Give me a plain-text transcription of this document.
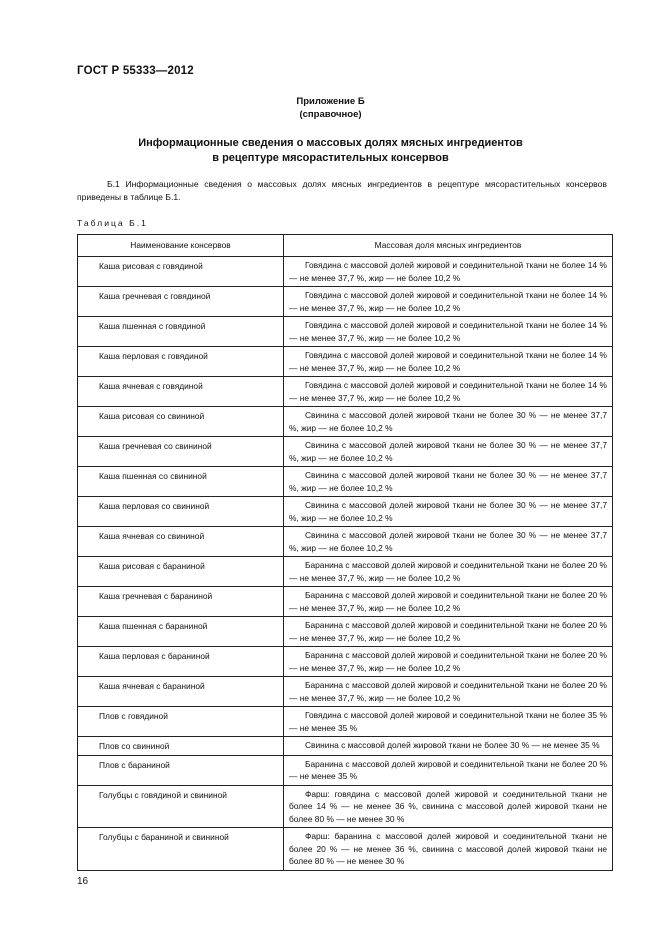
ГОСТ Р 55333—2012
Приложение Б
(справочное)
Информационные сведения о массовых долях мясных ингредиентов
в рецептуре мясорастительных консервов
Б.1 Информационные сведения о массовых долях мясных ингредиентов в рецептуре мясорастительных консервов приведены в таблице Б.1.
Таблица Б.1
Наименование консервов	Массовая доля мясных ингредиентов
Каша рисовая с говядиной	Говядина с массовой долей жировой и соединительной ткани не более 14 % — не менее 37,7 %, жир — не более 10,2 %
Каша гречневая с говядиной	Говядина с массовой долей жировой и соединительной ткани не более 14 % — не менее 37,7 %, жир — не более 10,2 %
Каша пшенная с говядиной	Говядина с массовой долей жировой и соединительной ткани не более 14 % — не менее 37,7 %, жир — не более 10,2 %
Каша перловая с говядиной	Говядина с массовой долей жировой и соединительной ткани не более 14 % — не менее 37,7 %, жир — не более 10,2 %
Каша ячневая с говядиной	Говядина с массовой долей жировой и соединительной ткани не более 14 % — не менее 37,7 %, жир — не более 10,2 %
Каша рисовая со свининой	Свинина с массовой долей жировой ткани не более 30 % — не менее 37,7 %, жир — не более 10,2 %
Каша гречневая со свининой	Свинина с массовой долей жировой ткани не более 30 % — не менее 37,7 %, жир — не более 10,2 %
Каша пшенная со свининой	Свинина с массовой долей жировой ткани не более 30 % — не менее 37,7 %, жир — не более 10,2 %
Каша перловая со свининой	Свинина с массовой долей жировой ткани не более 30 % — не менее 37,7 %, жир — не более 10,2 %
Каша ячневая со свининой	Свинина с массовой долей жировой ткани не более 30 % — не менее 37,7 %, жир — не более 10,2 %
Каша рисовая с бараниной	Баранина с массовой долей жировой и соединительной ткани не более 20 % — не менее 37,7 %, жир — не более 10,2 %
Каша гречневая с бараниной	Баранина с массовой долей жировой и соединительной ткани не более 20 % — не менее 37,7 %, жир — не более 10,2 %
Каша пшенная с бараниной	Баранина с массовой долей жировой и соединительной ткани не более 20 % — не менее 37,7 %, жир — не более 10,2 %
Каша перловая с бараниной	Баранина с массовой долей жировой и соединительной ткани не более 20 % — не менее 37,7 %, жир — не более 10,2 %
Каша ячневая с бараниной	Баранина с массовой долей жировой и соединительной ткани не более 20 % — не менее 37,7 %, жир — не более 10,2 %
Плов с говядиной	Говядина с массовой долей жировой и соединительной ткани не более 35 % — не менее 35 %
Плов со свининой	Свинина с массовой долей жировой ткани не более 30 % — не менее 35 %
Плов с бараниной	Баранина с массовой долей жировой и соединительной ткани не более 20 % — не менее 35 %
Голубцы с говядиной и свининой	Фарш: говядина с массовой долей жировой и соединительной ткани не более 14 % — не менее 36 %, свинина с массовой долей жировой ткани не более 80 % — не менее 30 %
Голубцы с бараниной и свининой	Фарш: баранина с массовой долей жировой и соединительной ткани не более 20 % — не менее 36 %, свинина с массовой долей жировой ткани не более 80 % — не менее 30 %
16
